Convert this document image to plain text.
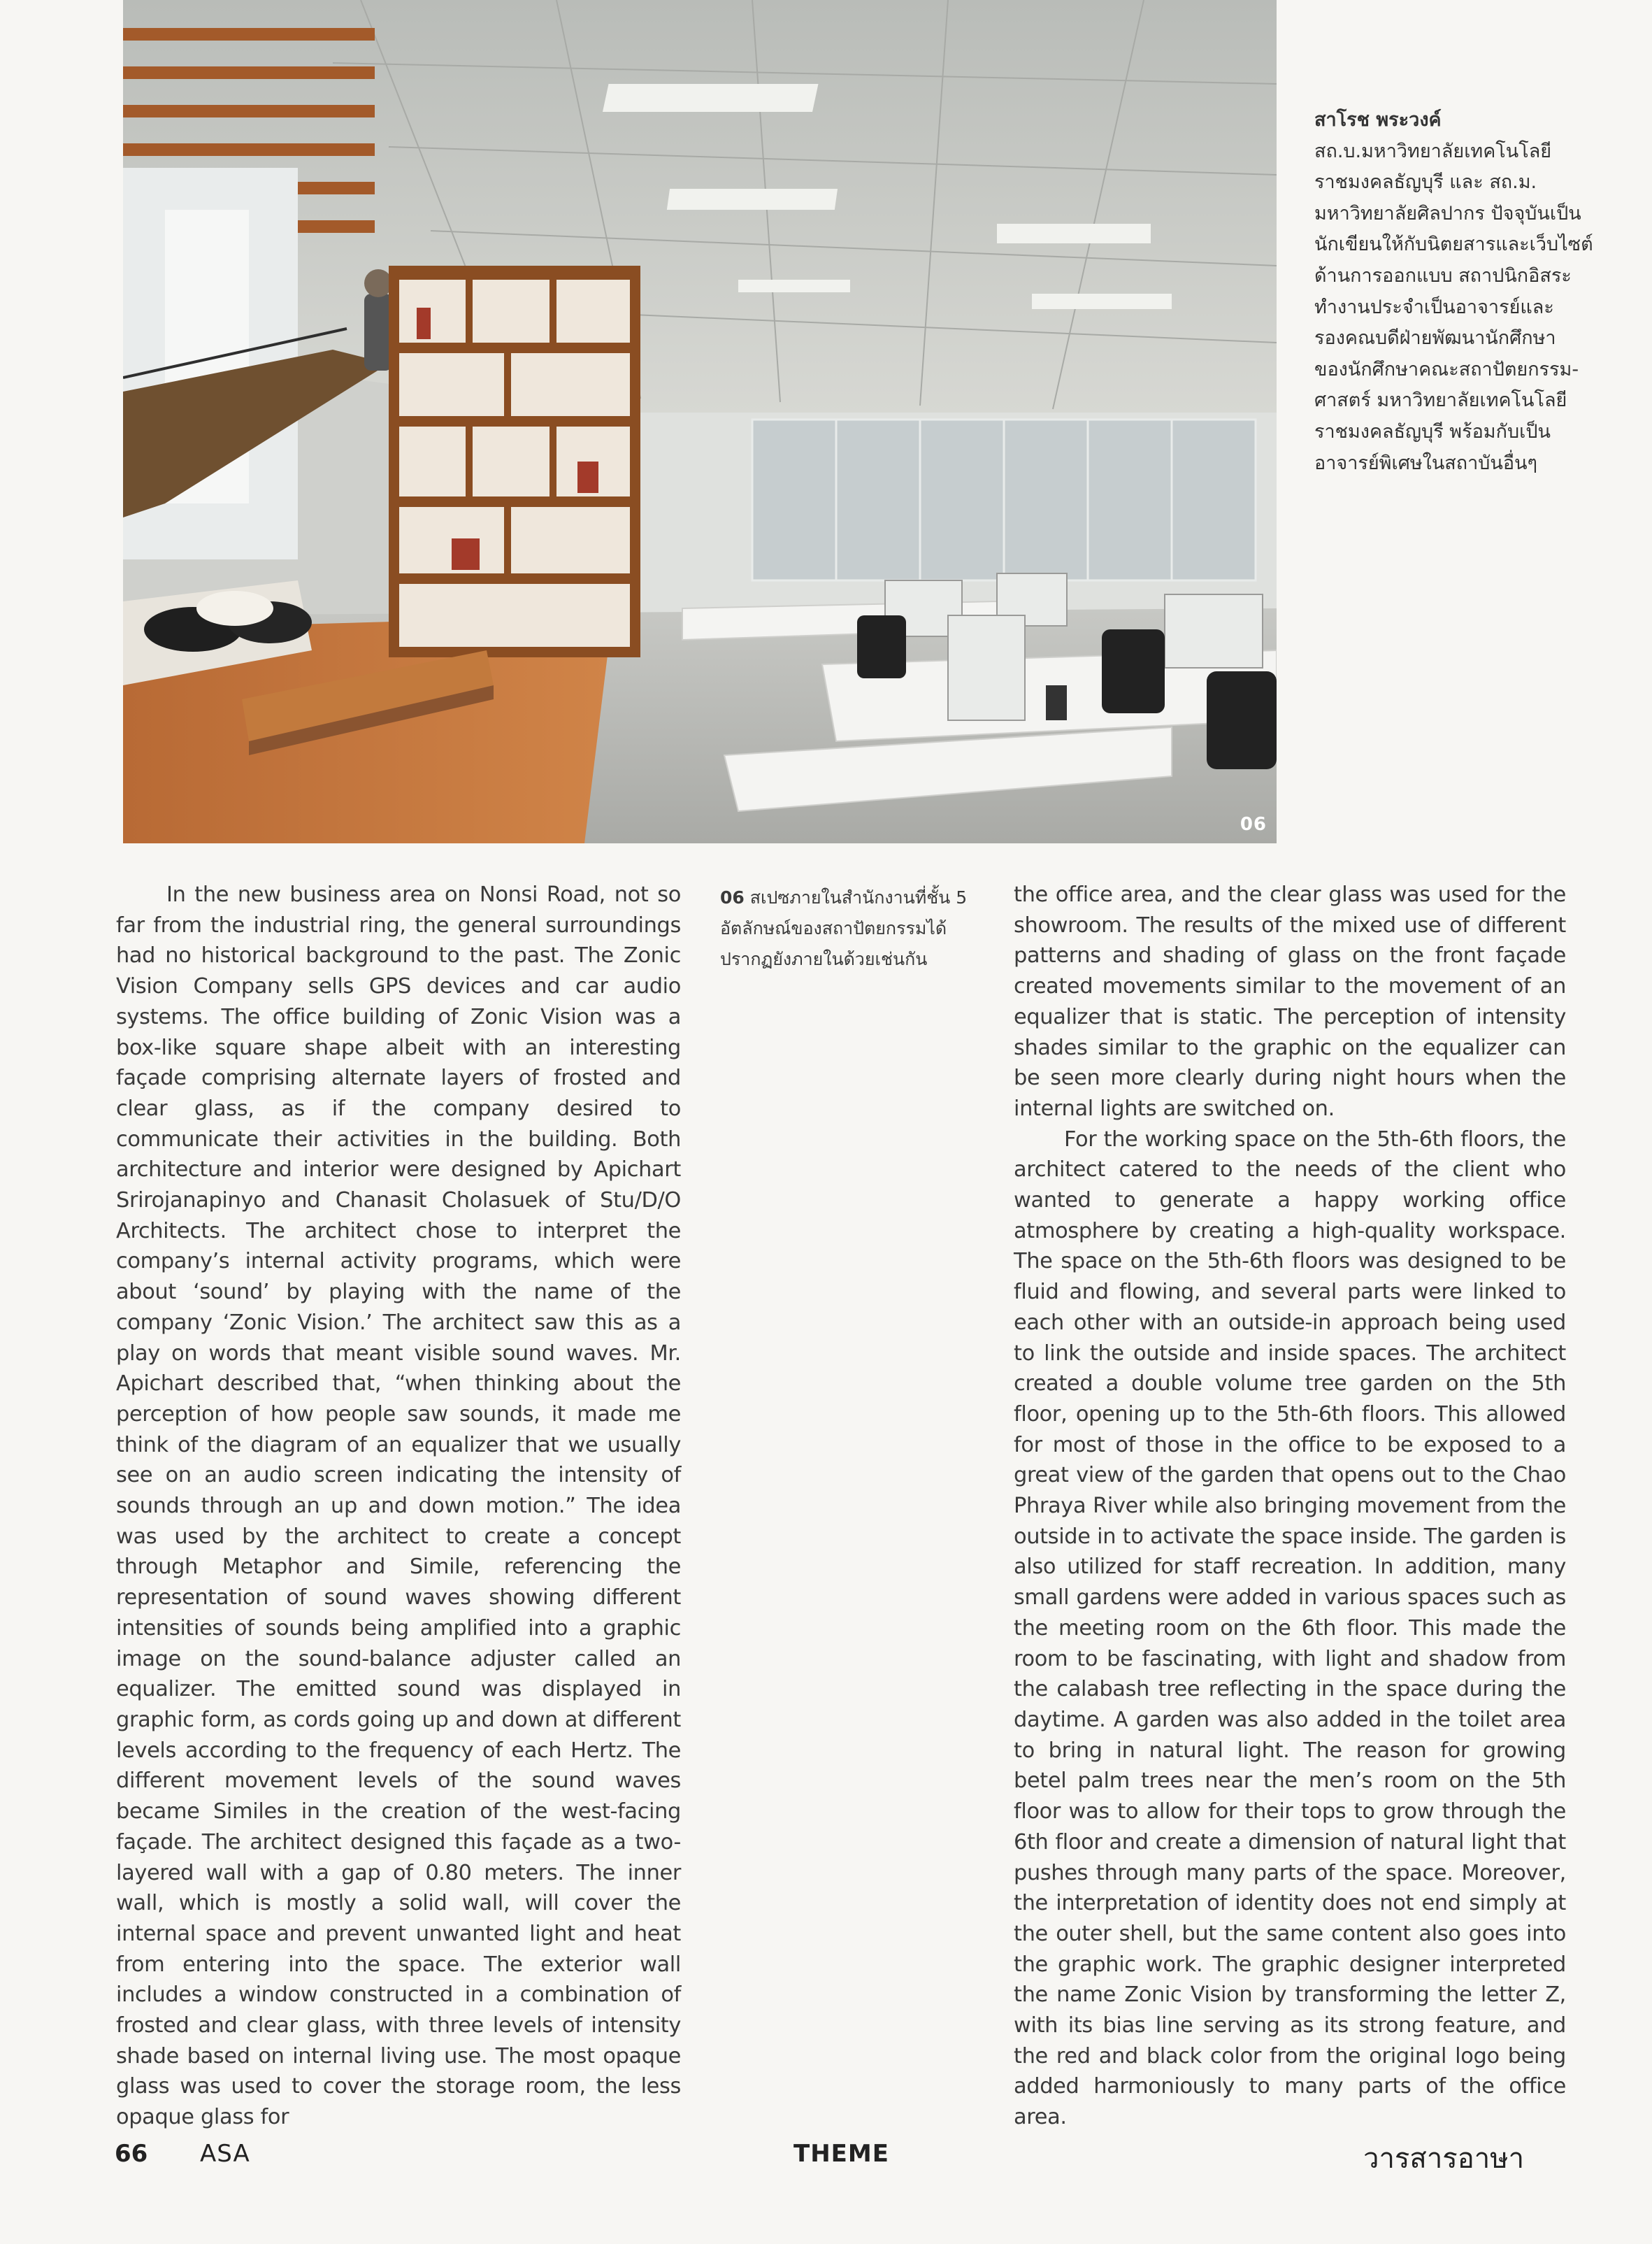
06
สาโรช พระวงค์
สถ.บ.มหาวิทยาลัยเทคโนโลยี
ราชมงคลธัญบุรี และ สถ.ม.
มหาวิทยาลัยศิลปากร ปัจจุบันเป็น
นักเขียนให้กับนิตยสารและเว็บไซต์
ด้านการออกแบบ สถาปนิกอิสระ
ทำงานประจำเป็นอาจารย์และ
รองคณบดีฝ่ายพัฒนานักศึกษา
ของนักศึกษาคณะสถาปัตยกรรม-
ศาสตร์ มหาวิทยาลัยเทคโนโลยี
ราชมงคลธัญบุรี พร้อมกับเป็น
อาจารย์พิเศษในสถาบันอื่นๆ

In the new business area on Nonsi Road, not so far from the industrial ring, the general surroundings had no historical background to the past. The Zonic Vision Company sells GPS devices and car audio systems. The office building of Zonic Vision was a box-like square shape albeit with an interesting façade comprising alternate layers of frosted and clear glass, as if the company desired to communicate their activities in the building. Both architecture and interior were designed by Apichart Srirojanapinyo and Chanasit Cholasuek of Stu/D/O Architects. The architect chose to interpret the company’s internal activity programs, which were about ‘sound’ by playing with the name of the company ‘Zonic Vision.’ The architect saw this as a play on words that meant visible sound waves. Mr. Apichart described that, “when thinking about the perception of how people saw sounds, it made me think of the diagram of an equalizer that we usually see on an audio screen indicating the intensity of sounds through an up and down motion.” The idea was used by the architect to create a concept through Metaphor and Simile, referencing the representation of sound waves showing different intensities of sounds being amplified into a graphic image on the sound-balance adjuster called an equalizer. The emitted sound was displayed in graphic form, as cords going up and down at different levels according to the frequency of each Hertz. The different movement levels of the sound waves became Similes in the creation of the west-facing façade. The architect designed this façade as a two-layered wall with a gap of 0.80 meters. The inner wall, which is mostly a solid wall, will cover the internal space and prevent unwanted light and heat from entering into the space. The exterior wall includes a window constructed in a combination of frosted and clear glass, with three levels of intensity shade based on internal living use. The most opaque glass was used to cover the storage room, the less opaque glass for

06 สเปซภายในสำนักงานที่ชั้น 5
อัตลักษณ์ของสถาปัตยกรรมได้
ปรากฏยังภายในด้วยเช่นกัน

the office area, and the clear glass was used for the showroom. The results of the mixed use of different patterns and shading of glass on the front façade created movements similar to the movement of an equalizer that is static. The perception of intensity shades similar to the graphic on the equalizer can be seen more clearly during night hours when the internal lights are switched on.

For the working space on the 5th-6th floors, the architect catered to the needs of the client who wanted to generate a happy working office atmosphere by creating a high-quality workspace. The space on the 5th-6th floors was designed to be fluid and flowing, and several parts were linked to each other with an outside-in approach being used to link the outside and inside spaces. The architect created a double volume tree garden on the 5th floor, opening up to the 5th-6th floors. This allowed for most of those in the office to be exposed to a great view of the garden that opens out to the Chao Phraya River while also bringing movement from the outside in to activate the space inside. The garden is also utilized for staff recreation. In addition, many small gardens were added in various spaces such as the meeting room on the 6th floor. This made the room to be fascinating, with light and shadow from the calabash tree reflecting in the space during the daytime. A garden was also added in the toilet area to bring in natural light. The reason for growing betel palm trees near the men’s room on the 5th floor was to allow for their tops to grow through the 6th floor and create a dimension of natural light that pushes through many parts of the space. Moreover, the interpretation of identity does not end simply at the outer shell, but the same content also goes into the graphic work. The graphic designer interpreted the name Zonic Vision by transforming the letter Z, with its bias line serving as its strong feature, and the red and black color from the original logo being added harmoniously to many parts of the office area.

66 ASA	THEME	วารสารอาษา
